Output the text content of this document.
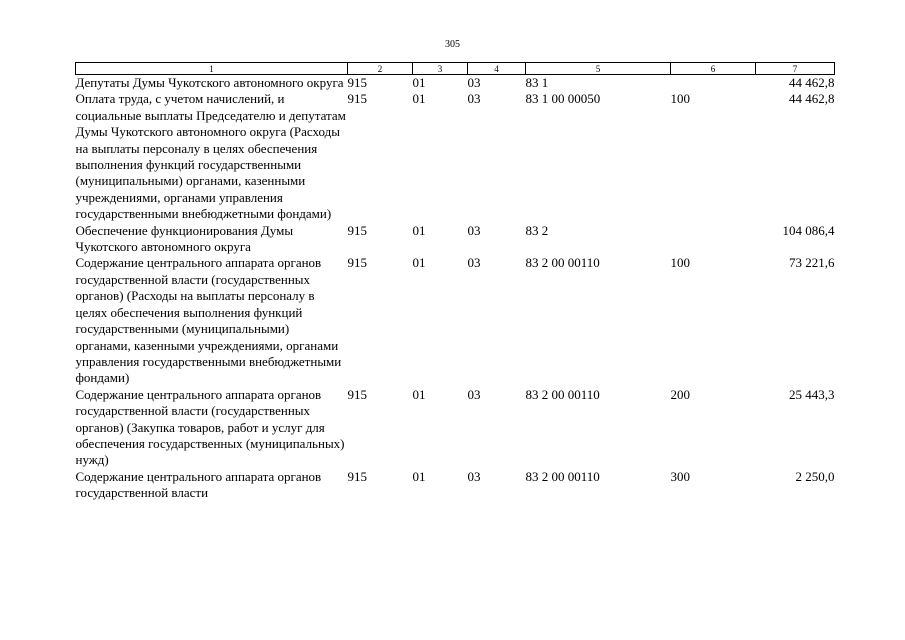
305
1	2	3	4	5	6	7
Депутаты Думы Чукотского автономного округа	915	01	03	83 1		44 462,8
Оплата труда, с учетом начислений, и социальные выплаты Председателю и депутатам Думы Чукотского автономного округа (Расходы на выплаты персоналу в целях обеспечения выполнения функций государственными (муниципальными) органами, казенными учреждениями, органами управления государственными внебюджетными фондами)	915	01	03	83 1 00 00050	100	44 462,8
Обеспечение функционирования Думы Чукотского автономного округа	915	01	03	83 2		104 086,4
Содержание центрального аппарата органов государственной власти (государственных органов) (Расходы на выплаты персоналу в целях обеспечения выполнения функций государственными (муниципальными) органами, казенными учреждениями, органами управления государственными внебюджетными фондами)	915	01	03	83 2 00 00110	100	73 221,6
Содержание центрального аппарата органов государственной власти (государственных органов) (Закупка товаров, работ и услуг для обеспечения государственных (муниципальных) нужд)	915	01	03	83 2 00 00110	200	25 443,3
Содержание центрального аппарата органов государственной власти	915	01	03	83 2 00 00110	300	2 250,0
